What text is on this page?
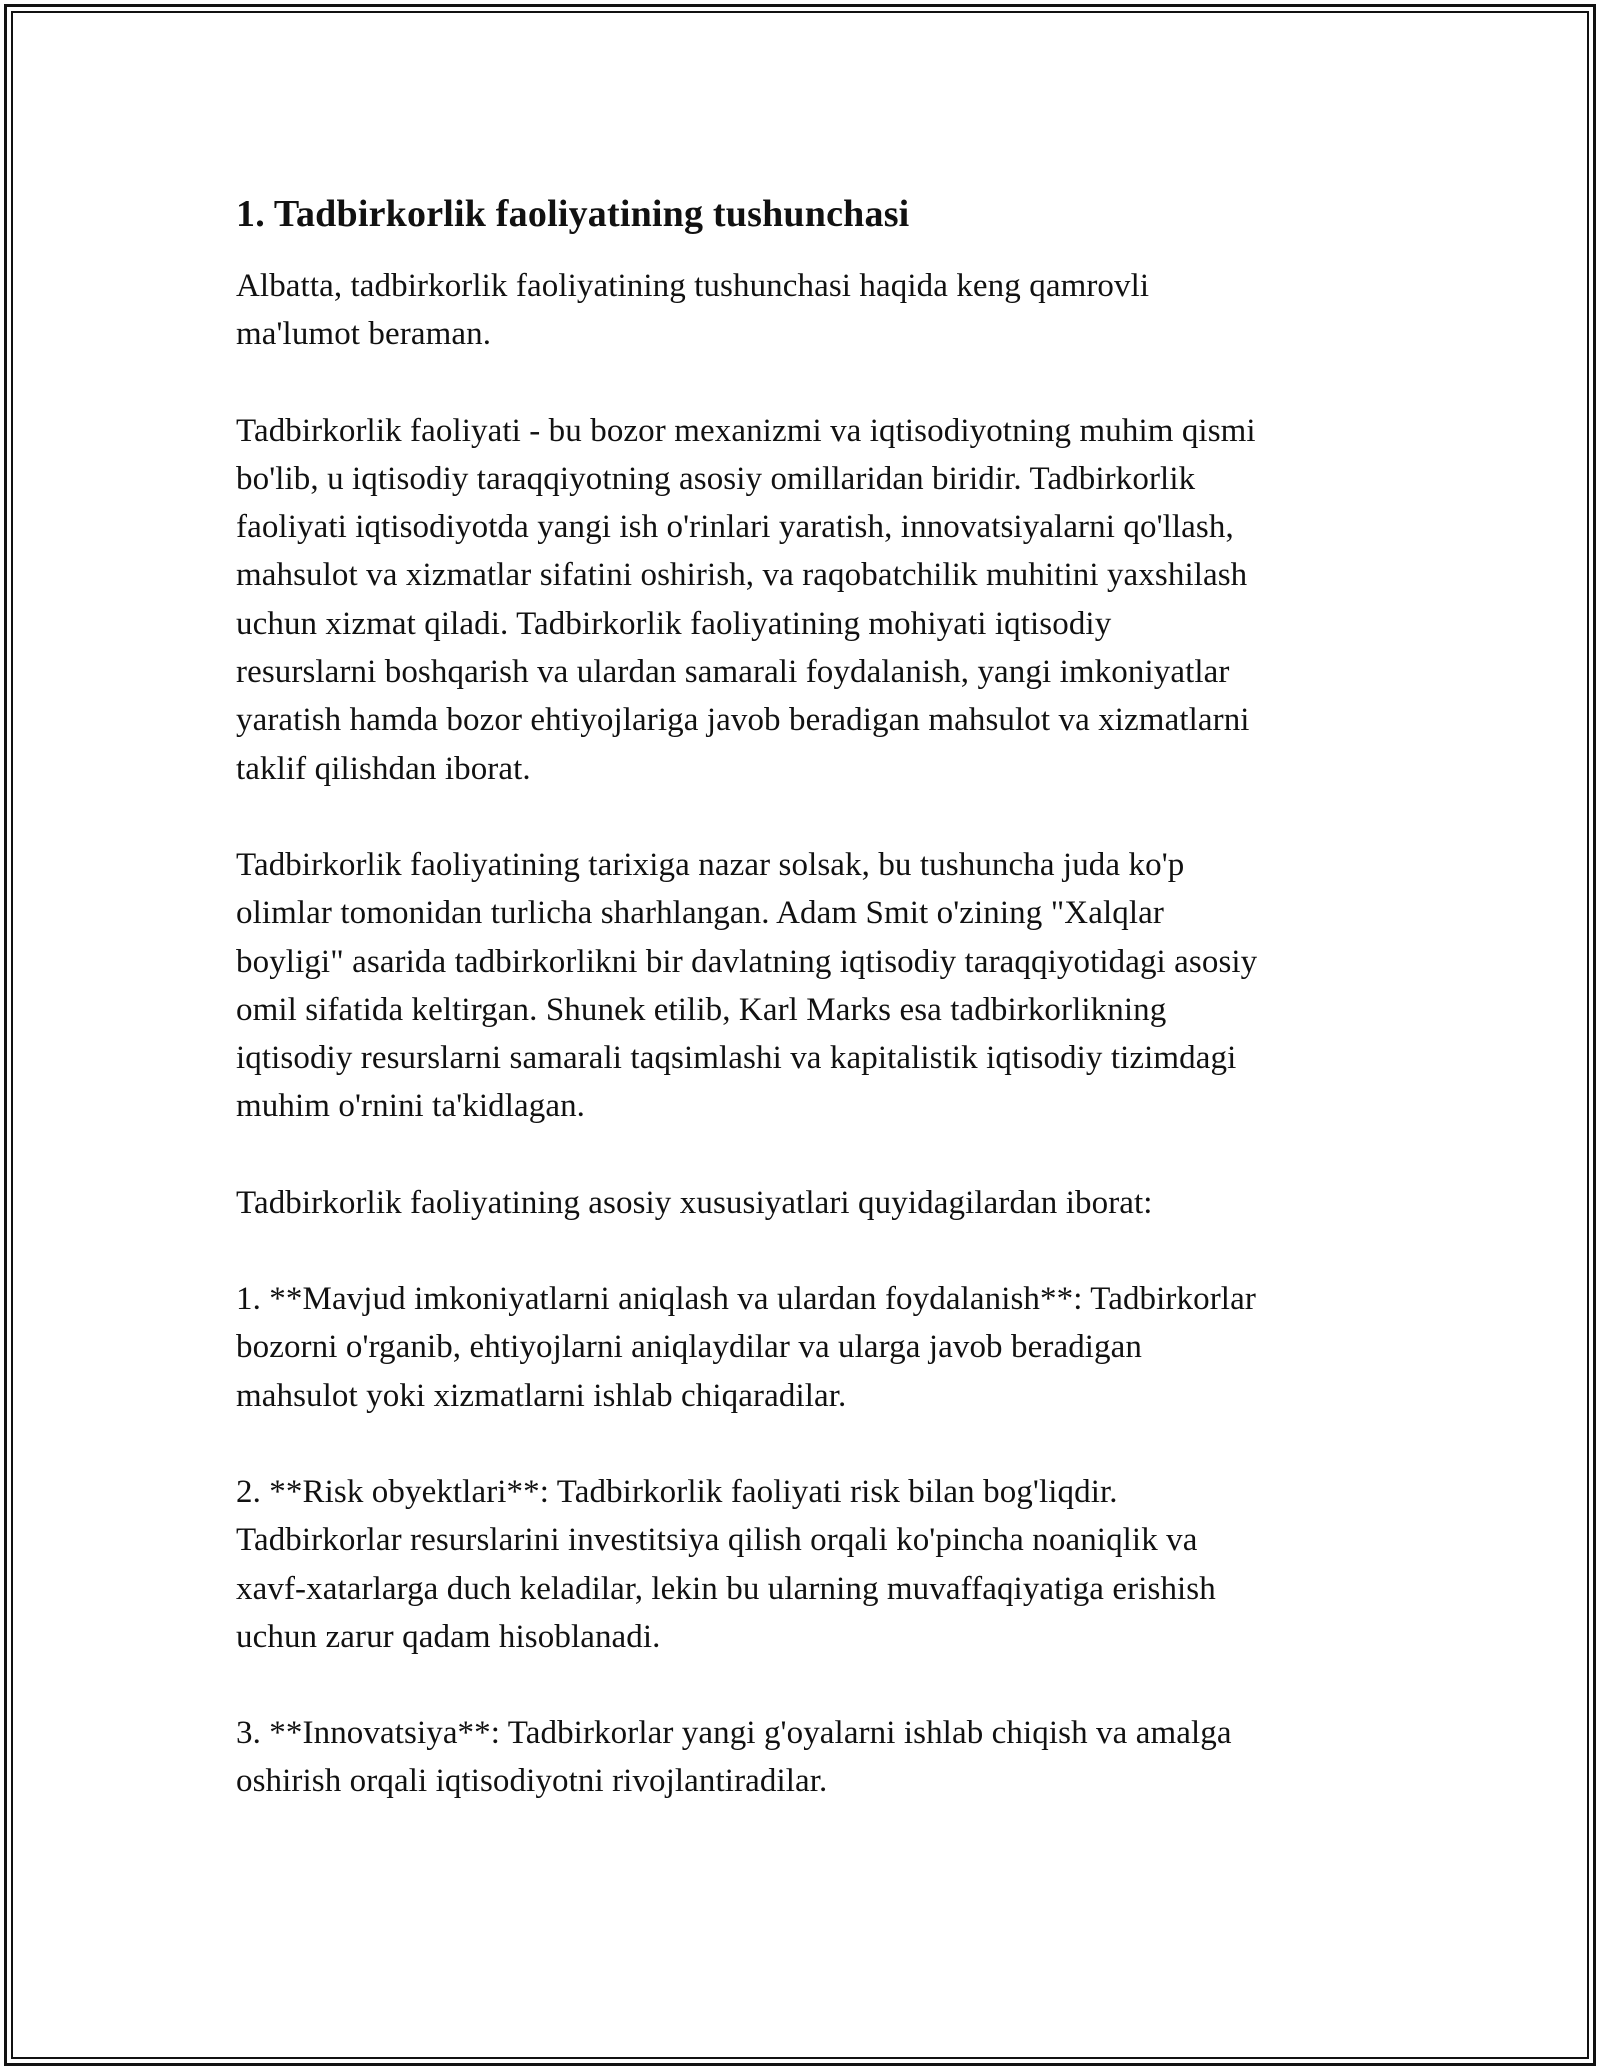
1. Tadbirkorlik faoliyatining tushunchasi

Albatta, tadbirkorlik faoliyatining tushunchasi haqida keng qamrovli
ma'lumot beraman.

Tadbirkorlik faoliyati - bu bozor mexanizmi va iqtisodiyotning muhim qismi
bo'lib, u iqtisodiy taraqqiyotning asosiy omillaridan biridir. Tadbirkorlik
faoliyati iqtisodiyotda yangi ish o'rinlari yaratish, innovatsiyalarni qo'llash,
mahsulot va xizmatlar sifatini oshirish, va raqobatchilik muhitini yaxshilash
uchun xizmat qiladi. Tadbirkorlik faoliyatining mohiyati iqtisodiy
resurslarni boshqarish va ulardan samarali foydalanish, yangi imkoniyatlar
yaratish hamda bozor ehtiyojlariga javob beradigan mahsulot va xizmatlarni
taklif qilishdan iborat.

Tadbirkorlik faoliyatining tarixiga nazar solsak, bu tushuncha juda ko'p
olimlar tomonidan turlicha sharhlangan. Adam Smit o'zining "Xalqlar
boyligi" asarida tadbirkorlikni bir davlatning iqtisodiy taraqqiyotidagi asosiy
omil sifatida keltirgan. Shunek etilib, Karl Marks esa tadbirkorlikning
iqtisodiy resurslarni samarali taqsimlashi va kapitalistik iqtisodiy tizimdagi
muhim o'rnini ta'kidlagan.

Tadbirkorlik faoliyatining asosiy xususiyatlari quyidagilardan iborat:

1. **Mavjud imkoniyatlarni aniqlash va ulardan foydalanish**: Tadbirkorlar
bozorni o'rganib, ehtiyojlarni aniqlaydilar va ularga javob beradigan
mahsulot yoki xizmatlarni ishlab chiqaradilar.

2. **Risk obyektlari**: Tadbirkorlik faoliyati risk bilan bog'liqdir.
Tadbirkorlar resurslarini investitsiya qilish orqali ko'pincha noaniqlik va
xavf-xatarlarga duch keladilar, lekin bu ularning muvaffaqiyatiga erishish
uchun zarur qadam hisoblanadi.

3. **Innovatsiya**: Tadbirkorlar yangi g'oyalarni ishlab chiqish va amalga
oshirish orqali iqtisodiyotni rivojlantiradilar.
